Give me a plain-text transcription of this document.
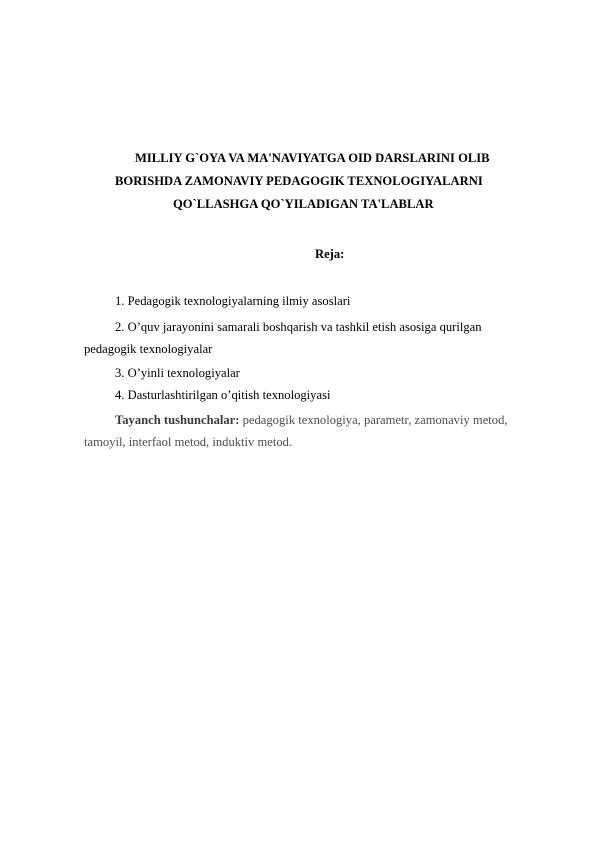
MILLIY G`OYA VA MA'NAVIYATGA OID DARSLARINI OLIB
BORISHDA ZAMONAVIY PEDAGOGIK TEXNOLOGIYALARNI
QO`LLASHGA QO`YILADIGAN TA'LABLAR
Reja:
1. Pedagogik texnologiyalarning ilmiy asoslari
2. O’quv jarayonini samarali boshqarish va tashkil etish asosiga qurilgan
pedagogik texnologiyalar
3. O’yinli texnologiyalar
4. Dasturlashtirilgan o’qitish texnologiyasi
Tayanch tushunchalar: pedagogik texnologiya, parametr, zamonaviy metod,
tamoyil, interfaol metod, induktiv metod.
